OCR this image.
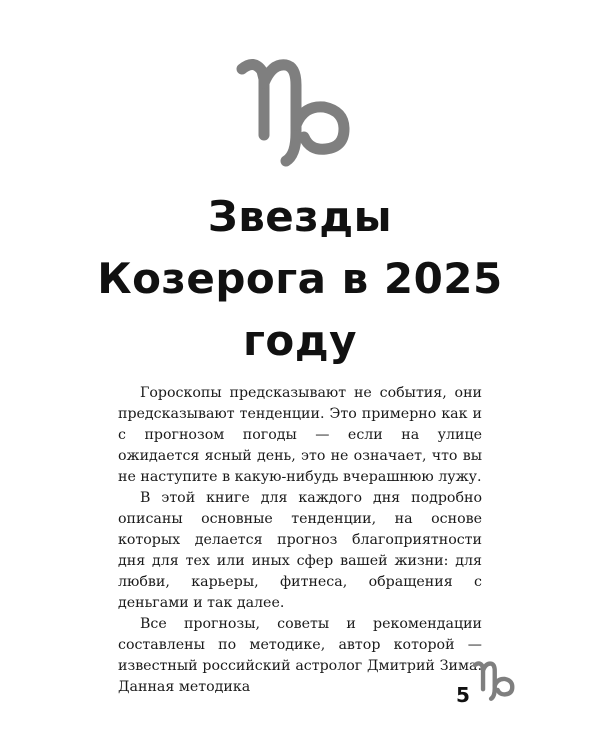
Звезды
Козерога в 2025
году

Гороскопы предсказывают не события, они предсказывают тенденции. Это примерно как и с прогнозом погоды — если на улице ожидается ясный день, это не означает, что вы не наступите в какую-нибудь вчерашнюю лужу.

В этой книге для каждого дня подробно описаны основные тенденции, на основе которых делается прогноз благоприятности дня для тех или иных сфер вашей жизни: для любви, карьеры, фитнеса, обращения с деньгами и так далее.

Все прогнозы, советы и рекомендации составлены по методике, автор которой — известный российский астролог Дмитрий Зима. Данная методика	5
